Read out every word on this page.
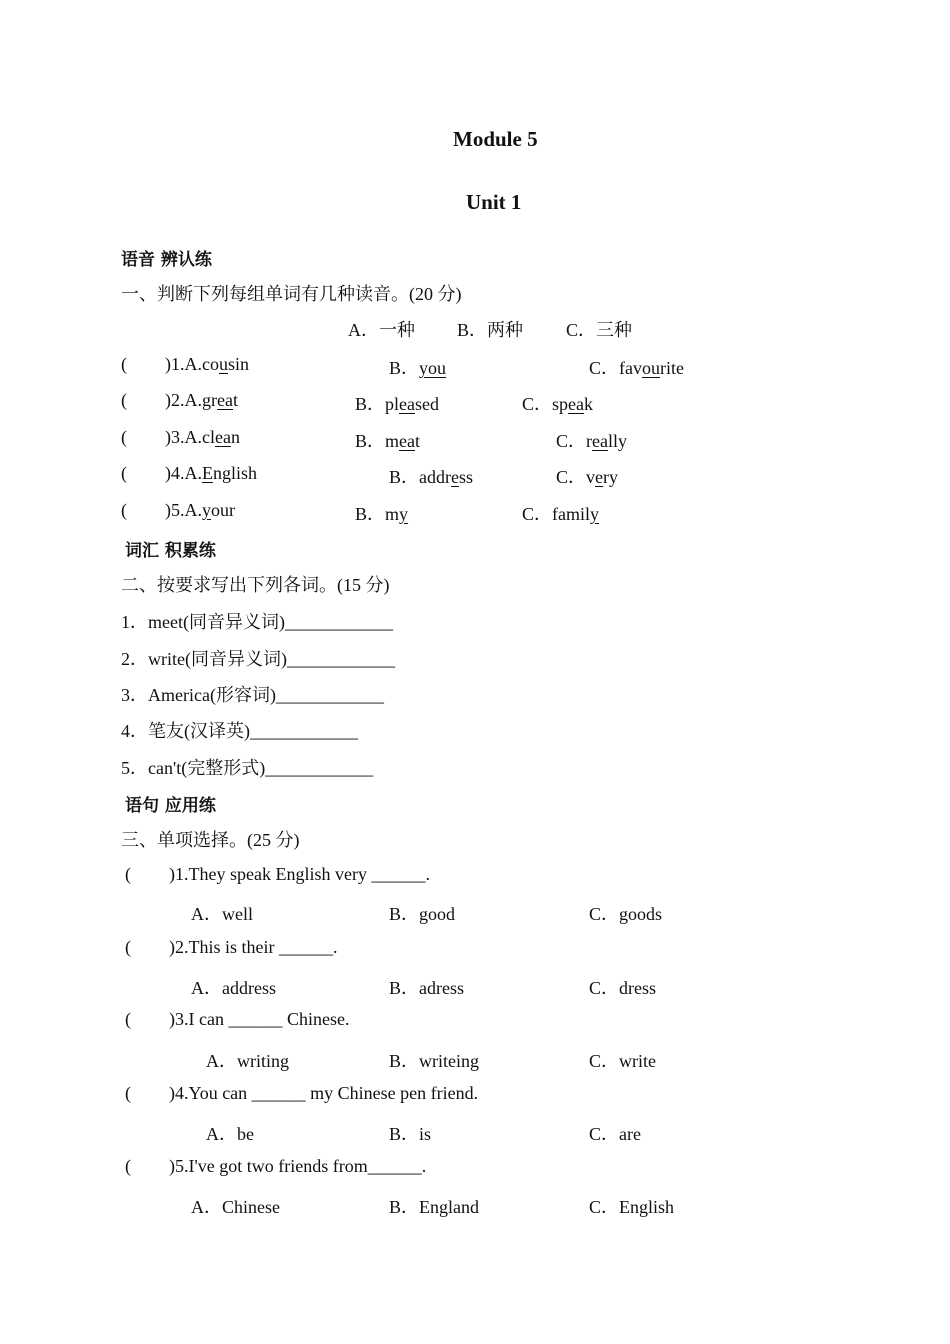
Module 5
Unit 1
语音 辨认练
一、判断下列每组单词有几种读音。(20 分)
A．一种 B．两种 C．三种
( )1.A.cousin	B．you	C．favourite
( )2.A.great	B．pleased	C．speak
( )3.A.clean	B．meat	C．really
( )4.A.English	B．address	C．very
( )5.A.your	B．my	C．family
词汇 积累练
二、按要求写出下列各词。(15 分)
1．meet(同音异义词)____________
2．write(同音异义词)____________
3．America(形容词)____________
4．笔友(汉译英)____________
5．can't(完整形式)____________
语句 应用练
三、单项选择。(25 分)
( )1.They speak English very ______.
A．well	B．good	C．goods
( )2.This is their ______.
A．address	B．adress	C．dress
( )3.I can ______ Chinese.
A．writing	B．writeing	C．write
( )4.You can ______ my Chinese pen friend.
A．be	B．is	C．are
( )5.I've got two friends from______.
A．Chinese	B．England	C．English
